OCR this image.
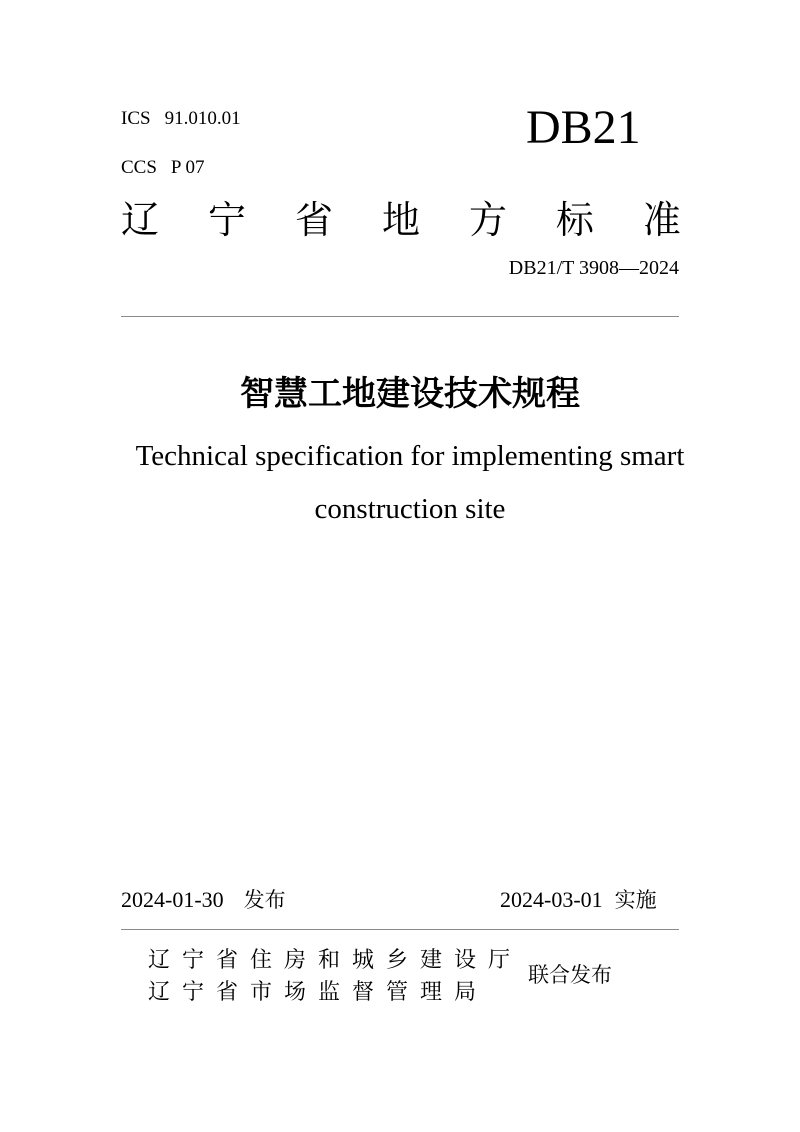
ICS 91.010.01
CCS P 07
DB21
辽 宁 省 地 方 标 准
DB21/T 3908—2024
智慧工地建设技术规程
Technical specification for implementing smart
construction site
2024-01-30 发布	2024-03-01 实施
辽宁省住房和城乡建设厅
辽宁省市场监督管理局
联合发布
